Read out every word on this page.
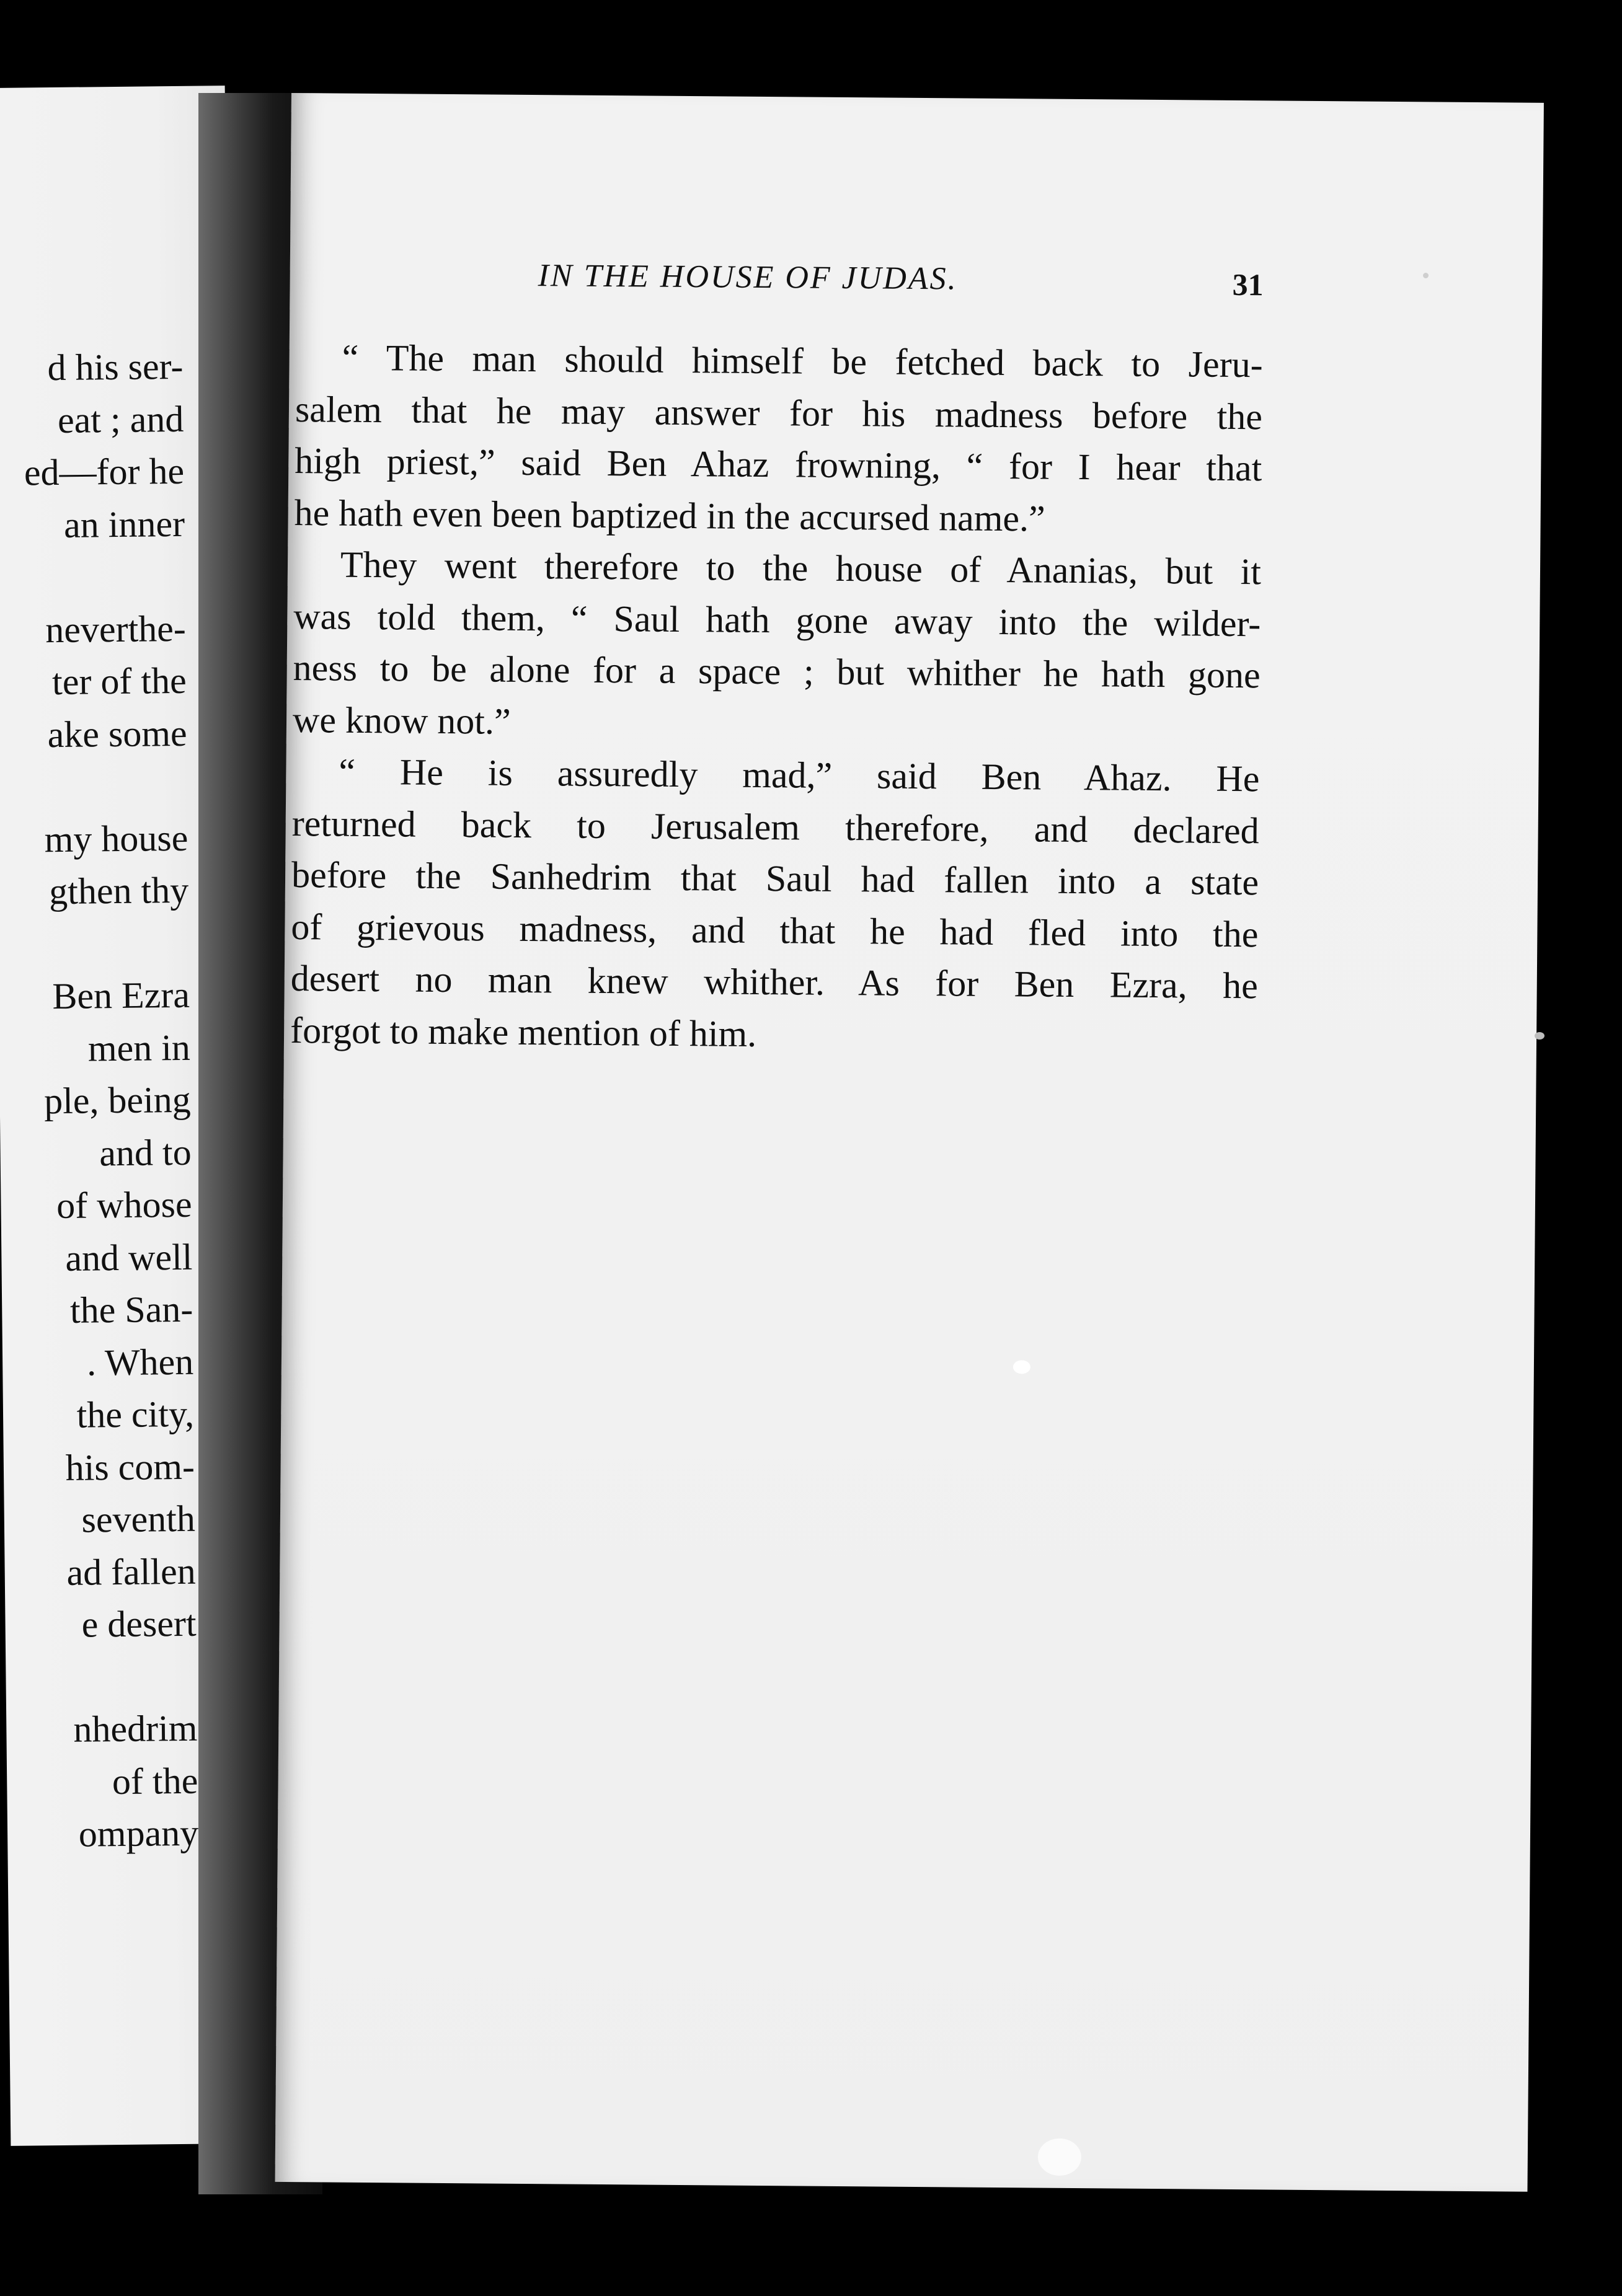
d his ser-
eat ; and
ed—for he
an inner
neverthe-
ter of the
ake some
my house
gthen thy
Ben Ezra
men in
ple, being
and to
of whose
and well
the San-
. When
the city,
his com-
seventh
ad fallen
e desert
nhedrim
of the
ompany
IN THE HOUSE OF JUDAS.	31
“ The man should himself be fetched back to Jeru-
salem that he may answer for his madness before the
high priest,” said Ben Ahaz frowning, “ for I hear that
he hath even been baptized in the accursed name.”
They went therefore to the house of Ananias, but it
was told them, “ Saul hath gone away into the wilder-
ness to be alone for a space ; but whither he hath gone
we know not.”
“ He is assuredly mad,” said Ben Ahaz. He
returned back to Jerusalem therefore, and declared
before the Sanhedrim that Saul had fallen into a state
of grievous madness, and that he had fled into the
desert no man knew whither. As for Ben Ezra, he
forgot to make mention of him.
